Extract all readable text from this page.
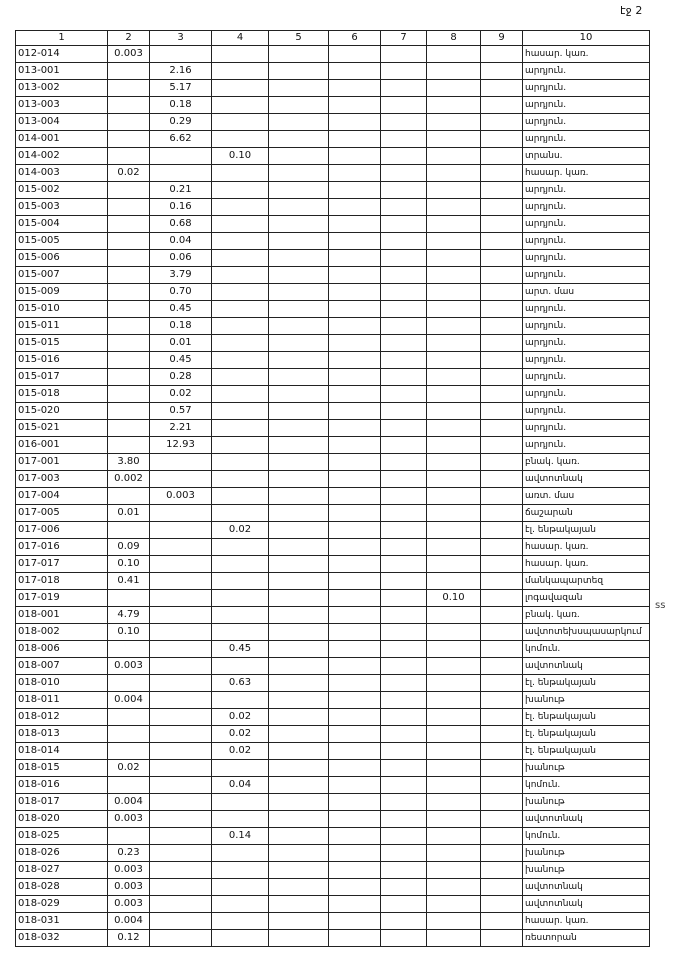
էջ 2
ss
1	2	3	4	5	6	7	8	9	10
012-014	0.003								հասար. կառ.
013-001		2.16							արդյուն.
013-002		5.17							արդյուն.
013-003		0.18							արդյուն.
013-004		0.29							արդյուն.
014-001		6.62							արդյուն.
014-002			0.10						տրանս.
014-003	0.02								հասար. կառ.
015-002		0.21							արդյուն.
015-003		0.16							արդյուն.
015-004		0.68							արդյուն.
015-005		0.04							արդյուն.
015-006		0.06							արդյուն.
015-007		3.79							արդյուն.
015-009		0.70							արտ. մաս
015-010		0.45							արդյուն.
015-011		0.18							արդյուն.
015-015		0.01							արդյուն.
015-016		0.45							արդյուն.
015-017		0.28							արդյուն.
015-018		0.02							արդյուն.
015-020		0.57							արդյուն.
015-021		2.21							արդյուն.
016-001		12.93							արդյուն.
017-001	3.80								բնակ. կառ.
017-003	0.002								ավտոտնակ
017-004		0.003							առտ. մաս
017-005	0.01								ճաշարան
017-006			0.02						էլ. ենթակայան
017-016	0.09								հասար. կառ.
017-017	0.10								հասար. կառ.
017-018	0.41								մանկապարտեզ
017-019							0.10		լոգավազան
018-001	4.79								բնակ. կառ.
018-002	0.10								ավտոտեխսպասարկում
018-006			0.45						կոմուն.
018-007	0.003								ավտոտնակ
018-010			0.63						էլ. ենթակայան
018-011	0.004								խանութ
018-012			0.02						էլ. ենթակայան
018-013			0.02						էլ. ենթակայան
018-014			0.02						էլ. ենթակայան
018-015	0.02								խանութ
018-016			0.04						կոմուն.
018-017	0.004								խանութ
018-020	0.003								ավտոտնակ
018-025			0.14						կոմուն.
018-026	0.23								խանութ
018-027	0.003								խանութ
018-028	0.003								ավտոտնակ
018-029	0.003								ավտոտնակ
018-031	0.004								հասար. կառ.
018-032	0.12								ռեստորան
